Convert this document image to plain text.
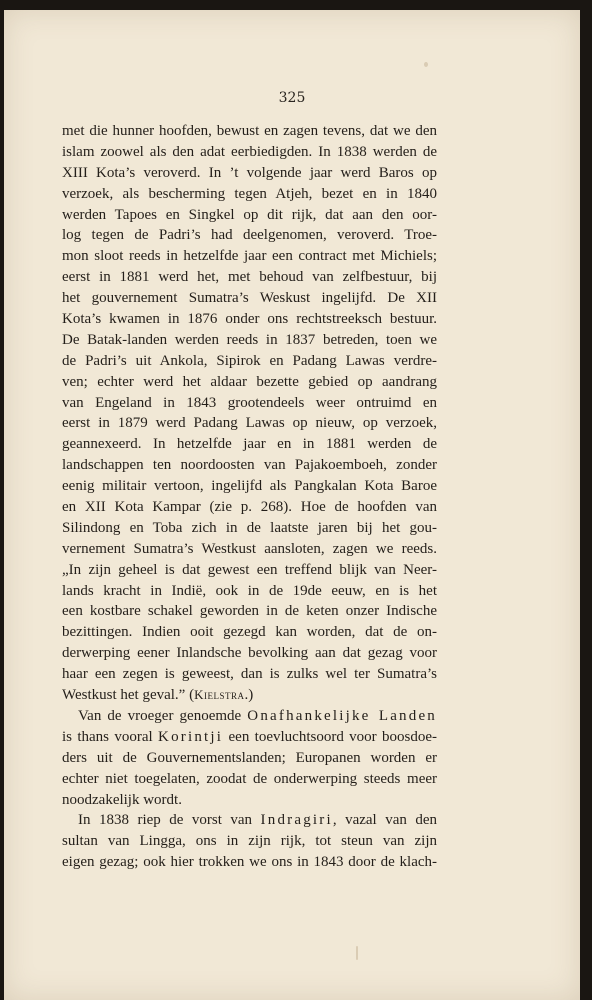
325
met die hunner hoofden, bewust en zagen tevens, dat we den
islam zoowel als den adat eerbiedigden. In 1838 werden de
XIII Kota’s veroverd. In ’t volgende jaar werd Baros op
verzoek, als bescherming tegen Atjeh, bezet en in 1840
werden Tapoes en Singkel op dit rijk, dat aan den oor-
log tegen de Padri’s had deelgenomen, veroverd. Troe-
mon sloot reeds in hetzelfde jaar een contract met Michiels;
eerst in 1881 werd het, met behoud van zelfbestuur, bij
het gouvernement Sumatra’s Weskust ingelijfd. De XII
Kota’s kwamen in 1876 onder ons rechtstreeksch bestuur.
De Batak-landen werden reeds in 1837 betreden, toen we
de Padri’s uit Ankola, Sipirok en Padang Lawas verdre-
ven; echter werd het aldaar bezette gebied op aandrang
van Engeland in 1843 grootendeels weer ontruimd en
eerst in 1879 werd Padang Lawas op nieuw, op verzoek,
geannexeerd. In hetzelfde jaar en in 1881 werden de
landschappen ten noordoosten van Pajakoemboeh, zonder
eenig militair vertoon, ingelijfd als Pangkalan Kota Baroe
en XII Kota Kampar (zie p. 268). Hoe de hoofden van
Silindong en Toba zich in de laatste jaren bij het gou-
vernement Sumatra’s Westkust aansloten, zagen we reeds.
„In zijn geheel is dat gewest een treffend blijk van Neer-
lands kracht in Indië, ook in de 19de eeuw, en is het
een kostbare schakel geworden in de keten onzer Indische
bezittingen. Indien ooit gezegd kan worden, dat de on-
derwerping eener Inlandsche bevolking aan dat gezag voor
haar een zegen is geweest, dan is zulks wel ter Sumatra’s
Westkust het geval.” (Kielstra.)
Van de vroeger genoemde Onafhankelijke Landen
is thans vooral Korintji een toevluchtsoord voor boosdoe-
ders uit de Gouvernementslanden; Europanen worden er
echter niet toegelaten, zoodat de onderwerping steeds meer
noodzakelijk wordt.
In 1838 riep de vorst van Indragiri, vazal van den
sultan van Lingga, ons in zijn rijk, tot steun van zijn
eigen gezag; ook hier trokken we ons in 1843 door de klach-
